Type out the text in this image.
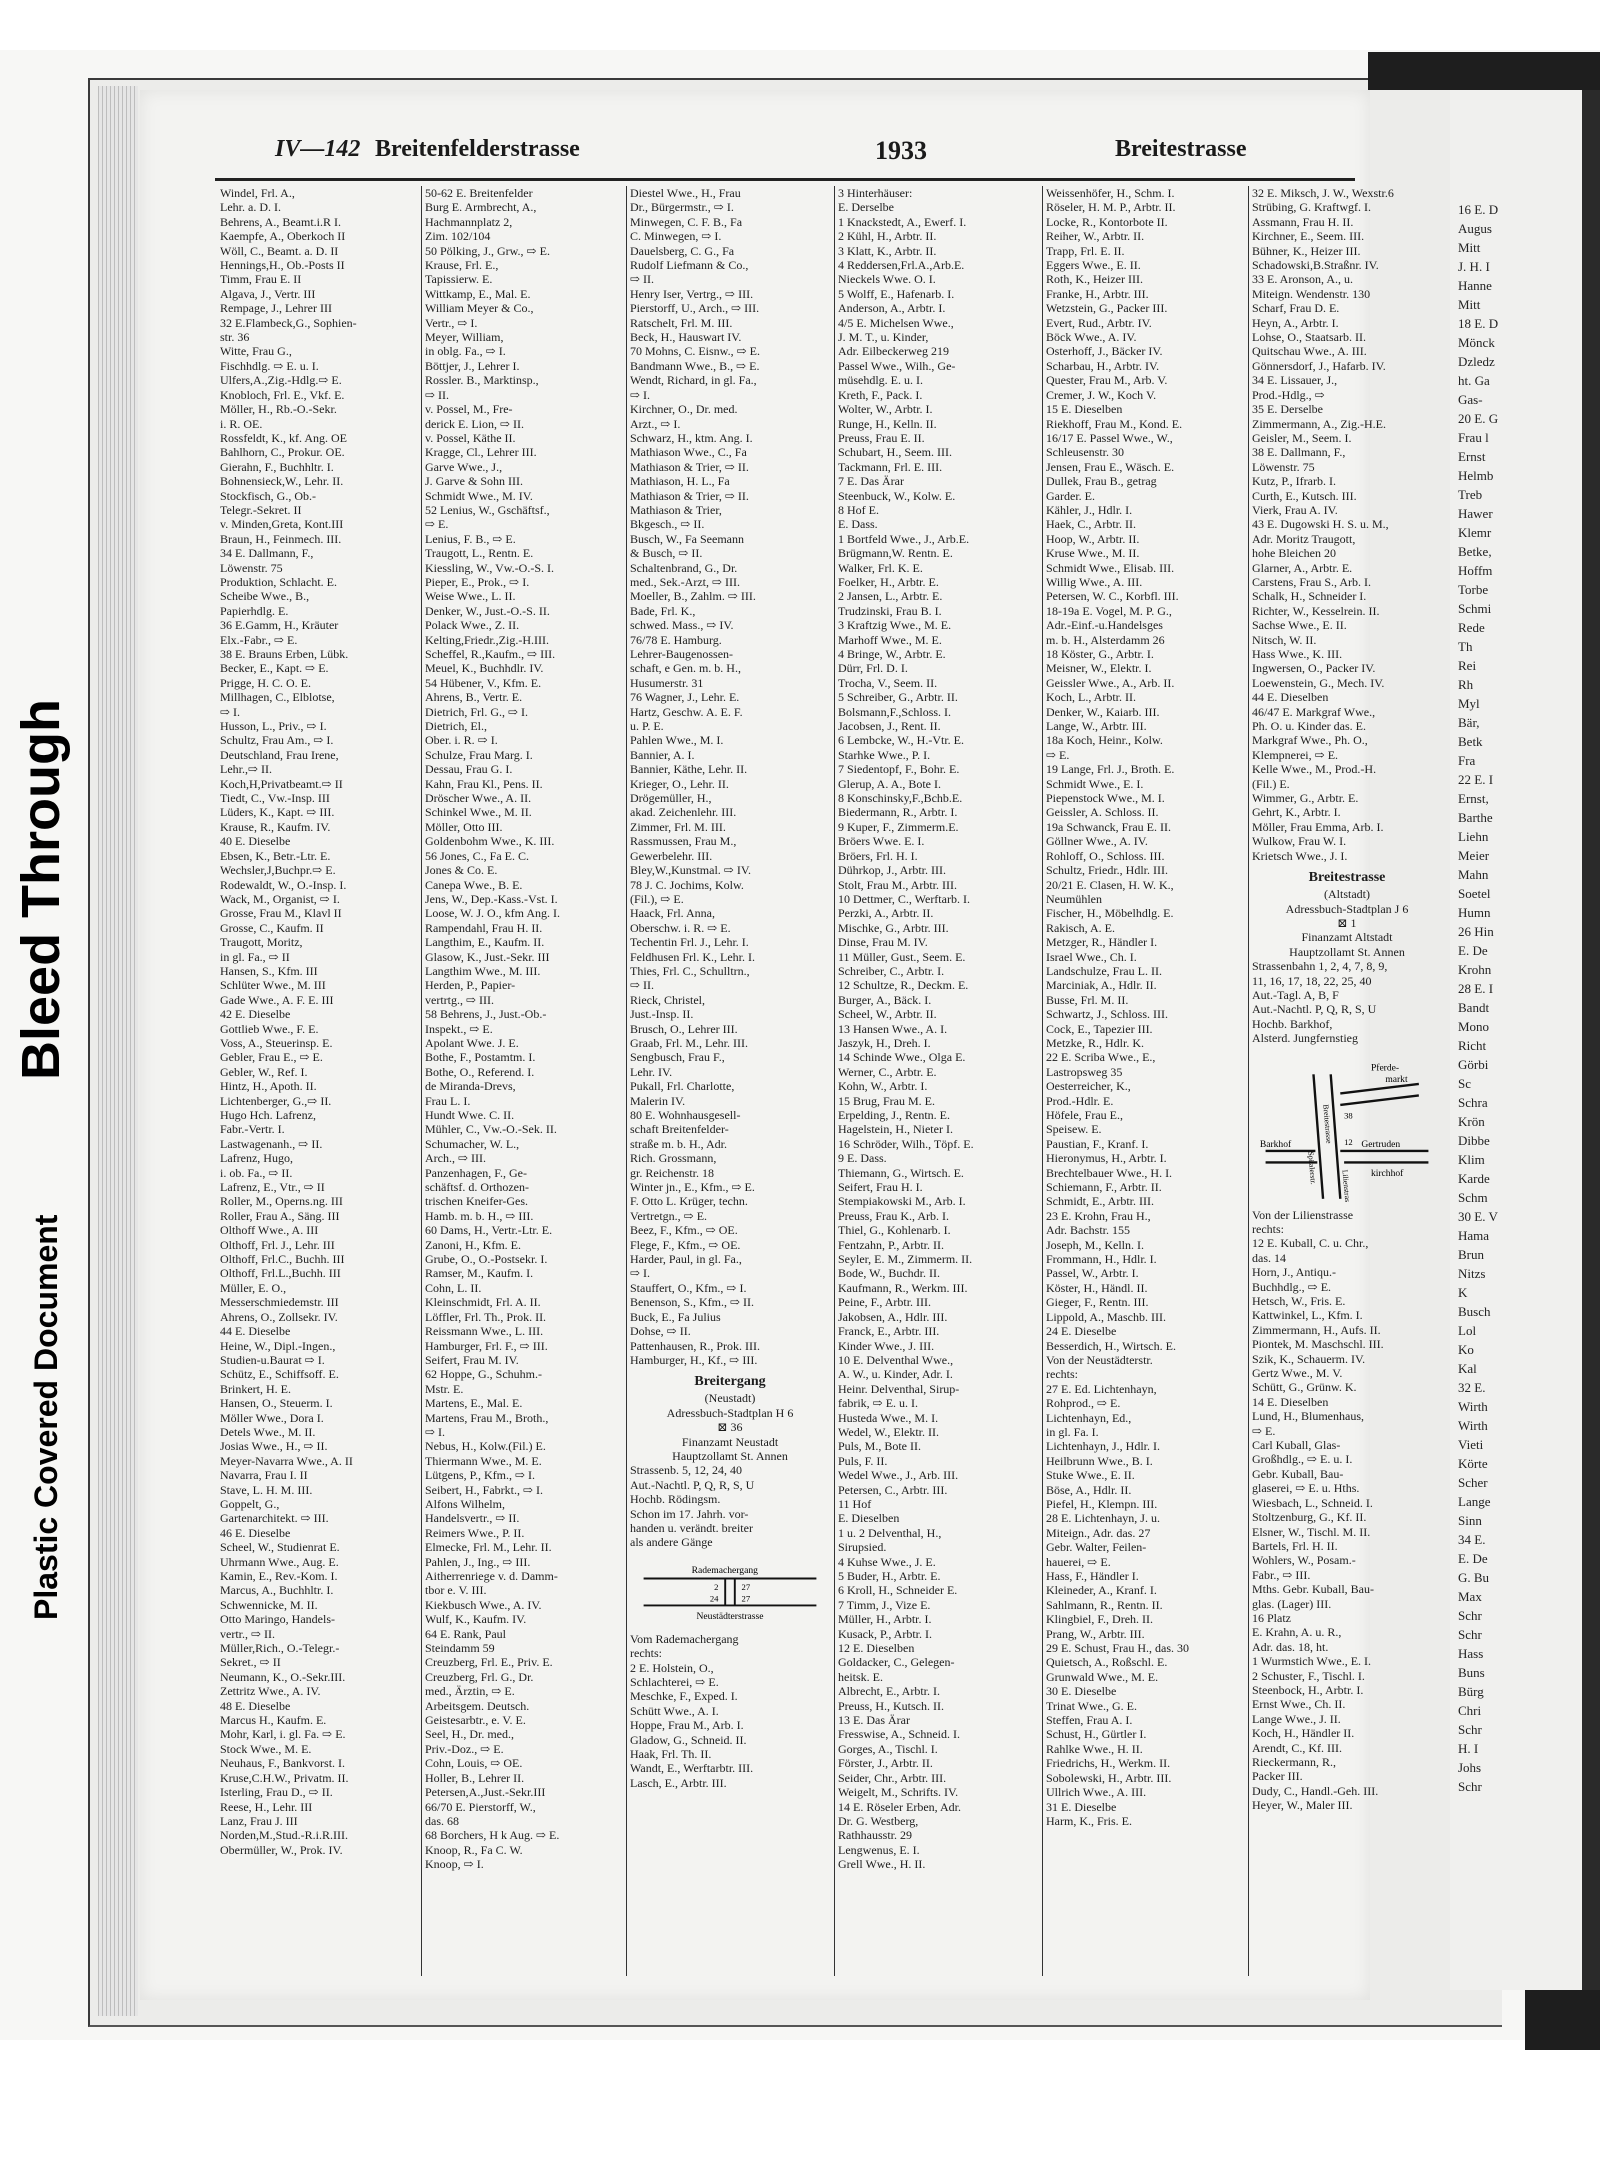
Bleed Through
Plastic Covered Document
IV—142 Breitenfelderstrasse	1933	Breitestrasse
Windel, Frl. A.,
Lehr. a. D. I.
Behrens, A., Beamt.i.R I.
Kaempfe, A., Oberkoch II
Wöll, C., Beamt. a. D. II
Hennings,H., Ob.-Posts II
Timm, Frau E. II
Algava, J., Vertr. III
Rempage, J., Lehrer III
32 E.Flambeck,G., Sophien-
str. 36
Witte, Frau G.,
Fischhdlg. ⇨ E. u. I.
Ulfers,A.,Zig.-Hdlg.⇨ E.
Knobloch, Frl. E., Vkf. E.
Möller, H., Rb.-O.-Sekr.
i. R. OE.
Rossfeldt, K., kf. Ang. OE
Bahlhorn, C., Prokur. OE.
Gierahn, F., Buchhltr. I.
Bohnensieck,W., Lehr. II.
Stockfisch, G., Ob.-
Telegr.-Sekret. II
v. Minden,Greta, Kont.III
Braun, H., Feinmech. III.
34 E. Dallmann, F.,
Löwenstr. 75
Produktion, Schlacht. E.
Scheibe Wwe., B.,
Papierhdlg. E.
36 E.Gamm, H., Kräuter
Elx.-Fabr., ⇨ E.
38 E. Brauns Erben, Lübk.
Becker, E., Kapt. ⇨ E.
Prigge, H. C. O. E.
Millhagen, C., Elblotse,
⇨ I.
Husson, L., Priv., ⇨ I.
Schultz, Frau Am., ⇨ I.
Deutschland, Frau Irene,
Lehr.,⇨ II.
Koch,H,Privatbeamt.⇨ II
Tiedt, C., Vw.-Insp. III
Lüders, K., Kapt. ⇨ III.
Krause, R., Kaufm. IV.
40 E. Dieselbe
Ebsen, K., Betr.-Ltr. E.
Wechsler,J,Buchpr.⇨ E.
Rodewaldt, W., O.-Insp. I.
Wack, M., Organist, ⇨ I.
Grosse, Frau M., Klavl II
Grosse, C., Kaufm. II
Traugott, Moritz,
in gl. Fa., ⇨ II
Hansen, S., Kfm. III
Schlüter Wwe., M. III
Gade Wwe., A. F. E. III
42 E. Dieselbe
Gottlieb Wwe., F. E.
Voss, A., Steuerinsp. E.
Gebler, Frau E., ⇨ E.
Gebler, W., Ref. I.
Hintz, H., Apoth. II.
Lichtenberger, G.,⇨ II.
Hugo Hch. Lafrenz,
Fabr.-Vertr. I.
Lastwagenanh., ⇨ II.
Lafrenz, Hugo,
i. ob. Fa., ⇨ II.
Lafrenz, E., Vtr., ⇨ II
Roller, M., Operns.ng. III
Roller, Frau A., Säng. III
Olthoff Wwe., A. III
Olthoff, Frl. J., Lehr. III
Olthoff, Frl.C., Buchh. III
Olthoff, Frl.L.,Buchh. III
Müller, E. O.,
Messerschmiedemstr. III
Ahrens, O., Zollsekr. IV.
44 E. Dieselbe
Heine, W., Dipl.-Ingen.,
Studien-u.Baurat ⇨ I.
Schütz, E., Schiffsoff. E.
Brinkert, H. E.
Hansen, O., Steuerm. I.
Möller Wwe., Dora I.
Detels Wwe., M. II.
Josias Wwe., H., ⇨ II.
Meyer-Navarra Wwe., A. II
Navarra, Frau I. II
Stave, L. H. M. III.
Goppelt, G.,
Gartenarchitekt. ⇨ III.
46 E. Dieselbe
Scheel, W., Studienrat E.
Uhrmann Wwe., Aug. E.
Kamin, E., Rev.-Kom. I.
Marcus, A., Buchhltr. I.
Schwennicke, M. II.
Otto Maringo, Handels-
vertr., ⇨ II.
Müller,Rich., O.-Telegr.-
Sekret., ⇨ II
Neumann, K., O.-Sekr.III.
Zettritz Wwe., A. IV.
48 E. Dieselbe
Marcus H., Kaufm. E.
Mohr, Karl, i. gl. Fa. ⇨ E.
Stock Wwe., M. E.
Neuhaus, F., Bankvorst. I.
Kruse,C.H.W., Privatm. II.
Isterling, Frau D., ⇨ II.
Reese, H., Lehr. III
Lanz, Frau J. III
Norden,M.,Stud.-R.i.R.III.
Obermüller, W., Prok. IV.
50-62 E. Breitenfelder
Burg E. Armbrecht, A.,
Hachmannplatz 2,
Zim. 102/104
50 Pölking, J., Grw., ⇨ E.
Krause, Frl. E.,
Tapissierw. E.
Wittkamp, E., Mal. E.
William Meyer & Co.,
Vertr., ⇨ I.
Meyer, William,
in oblg. Fa., ⇨ I.
Böttjer, J., Lehrer I.
Rossler. B., Marktinsp.,
⇨ II.
v. Possel, M., Fre-
derick E. Lion, ⇨ II.
v. Possel, Käthe II.
Kragge, Cl., Lehrer III.
Garve Wwe., J.,
J. Garve & Sohn III.
Schmidt Wwe., M. IV.
52 Lenius, W., Gschäftsf.,
⇨ E.
Lenius, F. B., ⇨ E.
Traugott, L., Rentn. E.
Kiessling, W., Vw.-O.-S. I.
Pieper, E., Prok., ⇨ I.
Weise Wwe., L. II.
Denker, W., Just.-O.-S. II.
Polack Wwe., Z. II.
Kelting,Friedr.,Zig.-H.III.
Scheffel, R.,Kaufm., ⇨ III.
Meuel, K., Buchhdlr. IV.
54 Hübener, V., Kfm. E.
Ahrens, B., Vertr. E.
Dietrich, Frl. G., ⇨ I.
Dietrich, El.,
Ober. i. R. ⇨ I.
Schulze, Frau Marg. I.
Dessau, Frau G. I.
Kahn, Frau Kl., Pens. II.
Dröscher Wwe., A. II.
Schinkel Wwe., M. II.
Möller, Otto III.
Goldenbohm Wwe., K. III.
56 Jones, C., Fa E. C.
Jones & Co. E.
Canepa Wwe., B. E.
Jens, W., Dep.-Kass.-Vst. I.
Loose, W. J. O., kfm Ang. I.
Rampendahl, Frau H. II.
Langthim, E., Kaufm. II.
Glasow, K., Just.-Sekr. III
Langthim Wwe., M. III.
Herden, P., Papier-
vertrtg., ⇨ III.
58 Behrens, J., Just.-Ob.-
Inspekt., ⇨ E.
Apolant Wwe. J. E.
Bothe, F., Postamtm. I.
Bothe, O., Referend. I.
de Miranda-Drevs,
Frau L. I.
Hundt Wwe. C. II.
Mühler, C., Vw.-O.-Sek. II.
Schumacher, W. L.,
Arch., ⇨ III.
Panzenhagen, F., Ge-
schäftsf. d. Orthozen-
trischen Kneifer-Ges.
Hamb. m. b. H., ⇨ III.
60 Dams, H., Vertr.-Ltr. E.
Zanoni, H., Kfm. E.
Grube, O., O.-Postsekr. I.
Ramser, M., Kaufm. I.
Cohn, L. II.
Kleinschmidt, Frl. A. II.
Löffler, Frl. Th., Prok. II.
Reissmann Wwe., L. III.
Hamburger, Frl. F., ⇨ III.
Seifert, Frau M. IV.
62 Hoppe, G., Schuhm.-
Mstr. E.
Martens, E., Mal. E.
Martens, Frau M., Broth.,
⇨ I.
Nebus, H., Kolw.(Fil.) E.
Thiermann Wwe., M. E.
Lütgens, P., Kfm., ⇨ I.
Seibert, H., Fabrkt., ⇨ I.
Alfons Wilhelm,
Handelsvertr., ⇨ II.
Reimers Wwe., P. II.
Elmecke, Frl. M., Lehr. II.
Pahlen, J., Ing., ⇨ III.
Aitherrenriege v. d. Damm-
tbor e. V. III.
Kiekbusch Wwe., A. IV.
Wulf, K., Kaufm. IV.
64 E. Rank, Paul
Steindamm 59
Creuzberg, Frl. E., Priv. E.
Creuzberg, Frl. G., Dr.
med., Ärztin, ⇨ E.
Arbeitsgem. Deutsch.
Geistesarbtr., e. V. E.
Seel, H., Dr. med.,
Priv.-Doz., ⇨ E.
Cohn, Louis, ⇨ OE.
Holler, B., Lehrer II.
Petersen,A.,Just.-Sekr.III
66/70 E. Pierstorff, W.,
das. 68
68 Borchers, H k Aug. ⇨ E.
Knoop, R., Fa C. W.
Knoop, ⇨ I.
Diestel Wwe., H., Frau
Dr., Bürgermstr., ⇨ I.
Minwegen, C. F. B., Fa
C. Minwegen, ⇨ I.
Dauelsberg, C. G., Fa
Rudolf Liefmann & Co.,
⇨ II.
Henry Iser, Vertrg., ⇨ III.
Pierstorff, U., Arch., ⇨ III.
Ratschelt, Frl. M. III.
Beck, H., Hauswart IV.
70 Mohns, C. Eisnw., ⇨ E.
Bandmann Wwe., B., ⇨ E.
Wendt, Richard, in gl. Fa.,
⇨ I.
Kirchner, O., Dr. med.
Arzt., ⇨ I.
Schwarz, H., ktm. Ang. I.
Mathiason Wwe., C., Fa
Mathiason & Trier, ⇨ II.
Mathiason, H. L., Fa
Mathiason & Trier, ⇨ II.
Mathiason & Trier,
Bkgesch., ⇨ II.
Busch, W., Fa Seemann
& Busch, ⇨ II.
Schaltenbrand, G., Dr.
med., Sek.-Arzt, ⇨ III.
Moeller, B., Zahlm. ⇨ III.
Bade, Frl. K.,
schwed. Mass., ⇨ IV.
76/78 E. Hamburg.
Lehrer-Baugenossen-
schaft, e Gen. m. b. H.,
Husumerstr. 31
76 Wagner, J., Lehr. E.
Hartz, Geschw. A. E. F.
u. P. E.
Pahlen Wwe., M. I.
Bannier, A. I.
Bannier, Käthe, Lehr. II.
Krieger, O., Lehr. II.
Drögemüller, H.,
akad. Zeichenlehr. III.
Zimmer, Frl. M. III.
Rassmussen, Frau M.,
Gewerbelehr. III.
Bley,W.,Kunstmal. ⇨ IV.
78 J. C. Jochims, Kolw.
(Fil.), ⇨ E.
Haack, Frl. Anna,
Oberschw. i. R. ⇨ E.
Techentin Frl. J., Lehr. I.
Feldhusen Frl. K., Lehr. I.
Thies, Frl. C., Schulltrn.,
⇨ II.
Rieck, Christel,
Just.-Insp. II.
Brusch, O., Lehrer III.
Graab, Frl. M., Lehr. III.
Sengbusch, Frau F.,
Lehr. IV.
Pukall, Frl. Charlotte,
Malerin IV.
80 E. Wohnhausgesell-
schaft Breitenfelder-
straße m. b. H., Adr.
Rich. Grossmann,
gr. Reichenstr. 18
Winter jn., E., Kfm., ⇨ E.
F. Otto L. Krüger, techn.
Vertretgn., ⇨ E.
Beez, F., Kfm., ⇨ OE.
Flege, F., Kfm., ⇨ OE.
Harder, Paul, in gl. Fa.,
⇨ I.
Stauffert, O., Kfm., ⇨ I.
Benenson, S., Kfm., ⇨ II.
Buck, E., Fa Julius
Dohse, ⇨ II.
Pattenhausen, R., Prok. III.
Hamburger, H., Kf., ⇨ III.
Breitergang
(Neustadt)
Adressbuch-Stadtplan H 6
⊠ 36
Finanzamt Neustadt
Hauptzollamt St. Annen
Strassenb. 5, 12, 24, 40
Aut.-Nachtl. P, Q, R, S, U
Hochb. Rödingsm.
Schon im 17. Jahrh. vor-
handen u. verändt. breiter
als andere Gänge
Rademachergang
Neustädterstrasse
2	27
24	27
Vom Rademachergang
rechts:
2 E. Holstein, O.,
Schlachterei, ⇨ E.
Meschke, F., Exped. I.
Schütt Wwe., A. I.
Hoppe, Frau M., Arb. I.
Gladow, G., Schneid. II.
Haak, Frl. Th. II.
Wandt, E., Werftarbtr. III.
Lasch, E., Arbtr. III.
3 Hinterhäuser:
E. Derselbe
1 Knackstedt, A., Ewerf. I.
2 Kühl, H., Arbtr. II.
3 Klatt, K., Arbtr. II.
4 Reddersen,Frl.A.,Arb.E.
Nieckels Wwe. O. I.
5 Wolff, E., Hafenarb. I.
Anderson, A., Arbtr. I.
4/5 E. Michelsen Wwe.,
J. M. T., u. Kinder,
Adr. Eilbeckerweg 219
Passel Wwe., Wilh., Ge-
müsehdlg. E. u. I.
Kreth, F., Pack. I.
Wolter, W., Arbtr. I.
Runge, H., Kelln. II.
Preuss, Frau E. II.
Schubart, H., Seem. III.
Tackmann, Frl. E. III.
7 E. Das Ärar
Steenbuck, W., Kolw. E.
8 Hof E.
E. Dass.
1 Bortfeld Wwe., J., Arb.E.
Brügmann,W. Rentn. E.
Walker, Frl. K. E.
Foelker, H., Arbtr. E.
2 Jansen, L., Arbtr. E.
Trudzinski, Frau B. I.
3 Kraftzig Wwe., M. E.
Marhoff Wwe., M. E.
4 Bringe, W., Arbtr. E.
Dürr, Frl. D. I.
Trocha, V., Seem. II.
5 Schreiber, G., Arbtr. II.
Bolsmann,F.,Schloss. I.
Jacobsen, J., Rent. II.
6 Lembcke, W., H.-Vtr. E.
Starhke Wwe., P. I.
7 Siedentopf, F., Bohr. E.
Glerup, A. A., Bote I.
8 Konschinsky,F.,Bchb.E.
Biedermann, R., Arbtr. I.
9 Kuper, F., Zimmerm.E.
Bröers Wwe. E. I.
Bröers, Frl. H. I.
Dührkop, J., Arbtr. III.
Stolt, Frau M., Arbtr. III.
10 Dettmer, C., Werftarb. I.
Perzki, A., Arbtr. II.
Mischke, G., Arbtr. III.
Dinse, Frau M. IV.
11 Müller, Gust., Seem. E.
Schreiber, C., Arbtr. I.
12 Schultze, R., Deckm. E.
Burger, A., Bäck. I.
Scheel, W., Arbtr. II.
13 Hansen Wwe., A. I.
Jaszyk, H., Dreh. I.
14 Schinde Wwe., Olga E.
Werner, C., Arbtr. E.
Kohn, W., Arbtr. I.
15 Brug, Frau M. E.
Erpelding, J., Rentn. E.
Hagelstein, H., Nieter I.
16 Schröder, Wilh., Töpf. E.
9 E. Dass.
Thiemann, G., Wirtsch. E.
Seifert, Frau H. I.
Stempiakowski M., Arb. I.
Preuss, Frau K., Arb. I.
Thiel, G., Kohlenarb. I.
Fentzahn, P., Arbtr. II.
Seyler, E. M., Zimmerm. II.
Bode, W., Buchdr. II.
Kaufmann, R., Werkm. III.
Peine, F., Arbtr. III.
Jakobsen, A., Hdlr. III.
Franck, E., Arbtr. III.
Kinder Wwe., J. III.
10 E. Delventhal Wwe.,
A. W., u. Kinder, Adr. I.
Heinr. Delventhal, Sirup-
fabrik, ⇨ E. u. I.
Husteda Wwe., M. I.
Wedel, W., Elektr. II.
Puls, M., Bote II.
Puls, F. II.
Wedel Wwe., J., Arb. III.
Petersen, C., Arbtr. III.
11 Hof
E. Dieselben
1 u. 2 Delventhal, H.,
Sirupsied.
4 Kuhse Wwe., J. E.
5 Buder, H., Arbtr. E.
6 Kroll, H., Schneider E.
7 Timm, J., Vize E.
Müller, H., Arbtr. I.
Kusack, P., Arbtr. I.
12 E. Dieselben
Goldacker, C., Gelegen-
heitsk. E.
Albrecht, E., Arbtr. I.
Preuss, H., Kutsch. II.
13 E. Das Ärar
Fresswise, A., Schneid. I.
Gorges, A., Tischl. I.
Förster, J., Arbtr. II.
Seider, Chr., Arbtr. III.
Weigelt, M., Schrifts. IV.
14 E. Röseler Erben, Adr.
Dr. G. Westberg,
Rathhausstr. 29
Lengwenus, E. I.
Grell Wwe., H. II.
Weissenhöfer, H., Schm. I.
Röseler, H. M. P., Arbtr. II.
Locke, R., Kontorbote II.
Reiher, W., Arbtr. II.
Trapp, Frl. E. II.
Eggers Wwe., E. II.
Roth, K., Heizer III.
Franke, H., Arbtr. III.
Wetzstein, G., Packer III.
Evert, Rud., Arbtr. IV.
Böck Wwe., A. IV.
Osterhoff, J., Bäcker IV.
Scharbau, H., Arbtr. IV.
Quester, Frau M., Arb. V.
Cremer, J. W., Koch V.
15 E. Dieselben
Riekhoff, Frau M., Kond. E.
16/17 E. Passel Wwe., W.,
Schleusenstr. 30
Jensen, Frau E., Wäsch. E.
Dullek, Frau B., getrag
Garder. E.
Kähler, J., Hdlr. I.
Haek, C., Arbtr. II.
Hoop, W., Arbtr. II.
Kruse Wwe., M. II.
Schmidt Wwe., Elisab. III.
Willig Wwe., A. III.
Petersen, W. C., Korbfl. III.
18-19a E. Vogel, M. P. G.,
Adr.-Einf.-u.Handelsges
m. b. H., Alsterdamm 26
18 Köster, G., Arbtr. I.
Meisner, W., Elektr. I.
Geissler Wwe., A., Arb. II.
Koch, L., Arbtr. II.
Denker, W., Kaiarb. III.
Lange, W., Arbtr. III.
18a Koch, Heinr., Kolw.
⇨ E.
19 Lange, Frl. J., Broth. E.
Schmidt Wwe., E. I.
Piepenstock Wwe., M. I.
Geissler, A. Schloss. II.
19a Schwanck, Frau E. II.
Göllner Wwe., A. IV.
Rohloff, O., Schloss. III.
Schultz, Friedr., Hdlr. III.
20/21 E. Clasen, H. W. K.,
Neumühlen
Fischer, H., Möbelhdlg. E.
Rakisch, A. E.
Metzger, R., Händler I.
Israel Wwe., Ch. I.
Landschulze, Frau L. II.
Marciniak, A., Hdlr. II.
Busse, Frl. M. II.
Schwartz, J., Schloss. III.
Cock, E., Tapezier III.
Metzke, R., Hdlr. K.
22 E. Scriba Wwe., E.,
Lastropsweg 35
Oesterreicher, K.,
Prod.-Hdlr. E.
Höfele, Frau E.,
Speisew. E.
Paustian, F., Kranf. I.
Hieronymus, H., Arbtr. I.
Brechtelbauer Wwe., H. I.
Schiemann, F., Arbtr. II.
Schmidt, E., Arbtr. III.
23 E. Krohn, Frau H.,
Adr. Bachstr. 155
Joseph, M., Kelln. I.
Frommann, H., Hdlr. I.
Passel, W., Arbtr. I.
Köster, H., Händl. II.
Gieger, F., Rentn. III.
Lippold, A., Maschb. III.
24 E. Dieselbe
Besserdich, H., Wirtsch. E.
Von der Neustädterstr.
rechts:
27 E. Ed. Lichtenhayn,
Rohprod., ⇨ E.
Lichtenhayn, Ed.,
in gl. Fa. I.
Lichtenhayn, J., Hdlr. I.
Heilbrunn Wwe., B. I.
Stuke Wwe., E. II.
Böse, A., Hdlr. II.
Piefel, H., Klempn. III.
28 E. Lichtenhayn, J. u.
Miteign., Adr. das. 27
Gebr. Walter, Feilen-
hauerei, ⇨ E.
Hass, F., Händler I.
Kleineder, A., Kranf. I.
Sahlmann, R., Rentn. II.
Klingbiel, F., Dreh. II.
Prang, W., Arbtr. III.
29 E. Schust, Frau H., das. 30
Quietsch, A., Roßschl. E.
Grunwald Wwe., M. E.
30 E. Dieselbe
Trinat Wwe., G. E.
Steffen, Frau A. I.
Schust, H., Gürtler I.
Rahlke Wwe., H. II.
Friedrichs, H., Werkm. II.
Sobolewski, H., Arbtr. III.
Ullrich Wwe., A. III.
31 E. Dieselbe
Harm, K., Fris. E.
32 E. Miksch, J. W., Wexstr.6
Strübing, G. Kraftwgf. I.
Assmann, Frau H. II.
Kirchner, E., Seem. III.
Bühner, K., Heizer III.
Schadowski,B.Straßnr. IV.
33 E. Aronson, A., u.
Miteign. Wendenstr. 130
Scharf, Frau D. E.
Heyn, A., Arbtr. I.
Lohse, O., Staatsarb. II.
Quitschau Wwe., A. III.
Gönnersdorf, J., Hafarb. IV.
34 E. Lissauer, J.,
Prod.-Hdlg., ⇨
35 E. Derselbe
Zimmermann, A., Zig.-H.E.
Geisler, M., Seem. I.
38 E. Dallmann, F.,
Löwenstr. 75
Kutz, P., Ifrarb. I.
Curth, E., Kutsch. III.
Vierk, Frau A. IV.
43 E. Dugowski H. S. u. M.,
Adr. Moritz Traugott,
hohe Bleichen 20
Glarner, A., Arbtr. E.
Carstens, Frau S., Arb. I.
Schalk, H., Schneider I.
Richter, W., Kesselrein. II.
Sachse Wwe., E. II.
Nitsch, W. II.
Hass Wwe., K. III.
Ingwersen, O., Packer IV.
Loewenstein, G., Mech. IV.
44 E. Dieselben
46/47 E. Markgraf Wwe.,
Ph. O. u. Kinder das. E.
Markgraf Wwe., Ph. O.,
Klempnerei, ⇨ E.
Kelle Wwe., M., Prod.-H.
(Fil.) E.
Wimmer, G., Arbtr. E.
Gehrt, K., Arbtr. I.
Möller, Frau Emma, Arb. I.
Wulkow, Frau W. I.
Krietsch Wwe., J. I.
Breitestrasse
(Altstadt)
Adressbuch-Stadtplan J 6
⊠ 1
Finanzamt Altstadt
Hauptzollamt St. Annen
Strassenbahn 1, 2, 4, 7, 8, 9,
11, 16, 17, 18, 22, 25, 40
Aut.-Tagl. A, B, F
Aut.-Nachtl. P, Q, R, S, U
Hochb. Barkhof,
Alsterd. Jungfernstieg
Pferde-
markt
Barkhof	Gertruden
kirchhof
38
12
Breitestrasse
Spitalerstr.
Lilienstrasse
Von der Lilienstrasse
rechts:
12 E. Kuball, C. u. Chr.,
das. 14
Horn, J., Antiqu.-
Buchhdlg., ⇨ E.
Hetsch, W., Fris. E.
Kattwinkel, L., Kfm. I.
Zimmermann, H., Aufs. II.
Piontek, M. Maschschl. III.
Szik, K., Schauerm. IV.
Gertz Wwe., M. V.
Schütt, G., Grünw. K.
14 E. Dieselben
Lund, H., Blumenhaus,
⇨ E.
Carl Kuball, Glas-
Großhdlg., ⇨ E. u. I.
Gebr. Kuball, Bau-
glaserei, ⇨ E. u. Hths.
Wiesbach, L., Schneid. I.
Stoltzenburg, G., Kf. II.
Elsner, W., Tischl. M. II.
Bartels, Frl. H. II.
Wohlers, W., Posam.-
Fabr., ⇨ III.
Mths. Gebr. Kuball, Bau-
glas. (Lager) III.
16 Platz
E. Krahn, A. u. R.,
Adr. das. 18, ht.
1 Wurmstich Wwe., E. I.
2 Schuster, F., Tischl. I.
Steenbock, H., Arbtr. I.
Ernst Wwe., Ch. II.
Lange Wwe., J. II.
Koch, H., Händler II.
Arendt, C., Kf. III.
Rieckermann, R.,
Packer III.
Dudy, C., Handl.-Geh. III.
Heyer, W., Maler III.
16 E. D
Augus
Mitt
J. H. I
Hanne
Mitt
18 E. D
Mönck
Dzledz
ht. Ga
Gas-
20 E. G
Frau l
Ernst
Helmb
Treb
Hawer
Klemr
Betke,
Hoffm
Torbe
Schmi
Rede
Th
Rei
Rh
Myl
Bär,
Betk
Fra
22 E. I
Ernst,
Barthe
Liehn
Meier
Mahn
Soetel
Humn
26 Hin
E. De
Krohn
28 E. I
Bandt
Mono
Richt
Görbi
Sc
Schra
Krön
Dibbe
Klim
Karde
Schm
30 E. V
Hama
Brun
Nitzs
K
Busch
Lol
Ko
Kal
32 E.
Wirth
Wirth
Vieti
Körte
Scher
Lange
Sinn
34 E.
E. De
G. Bu
Max
Schr
Schr
Hass
Buns
Bürg
Chri
Schr
H. I
Johs
Schr
